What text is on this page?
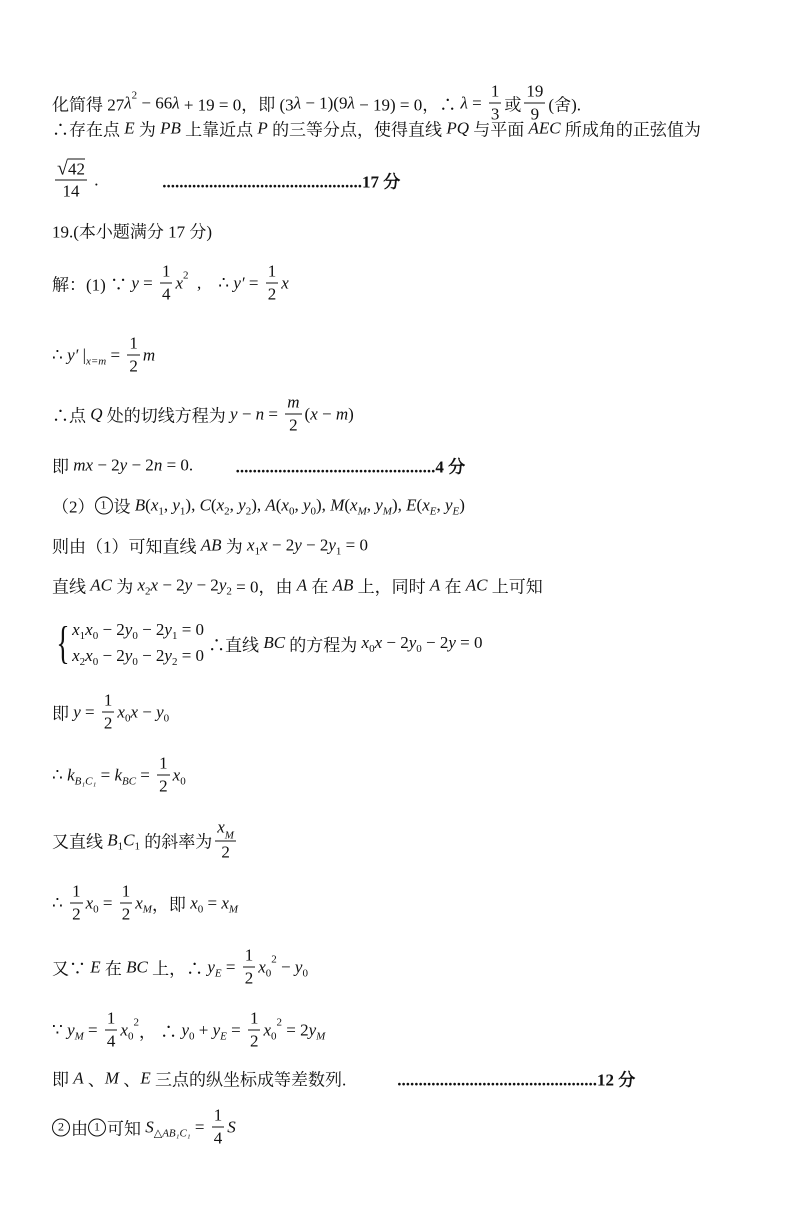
化简得 27 λ 2 − 66 λ + 19 = 0，即 (3 λ − 1)(9 λ − 19) = 0，∴ $\lambda = \frac{1}{3}$ 或 $\frac{19}{9}$ (舍).
∴存在点 E 为 PB 上靠近点 P 的三等分点，使得直线 PQ 与平面 AEC 所成角的正弦值为
$\frac{√ 42}{14}$ . ...............................................17 分
19.(本小题满分 17 分)
解：(1) ∵ $y = \frac{1}{4}$ x 2 ,    ∴ $y' = \frac{1}{2}$ x
∴ y′ | $x=m = \frac{1}{2}$ m
∴点 Q 处的切线方程为 $y - n = \frac{m}{2}$ ( x − m )
即 mx − 2 y − 2 n = 0. ...............................................4 分
（2） 1 设 B ( x 1 , y 1 ), C ( x 2 , y 2 ), A ( x 0 , y 0 ), M ( x M , y M ), E ( x E , y E )
则由（1）可知直线 AB 为 x 1 x − 2 y − 2 y 1 = 0
直线 AC 为 x 2 x − 2 y − 2 y 2 = 0，由 A 在 AB 上，同时 A 在 AC 上可知
{ x 1 x 0 − 2 y 0 − 2 y 1 = 0
x 2 x 0 − 2 y 0 − 2 y 2 = 0
∴直线 BC 的方程为 x 0 x − 2 y 0 − 2 y = 0
即 $y = \frac{1}{2}$ x 0 x − y 0
∴ k B₁C₁ = k BC = $\frac{1}{2}$ x 0
又直线 B 1 C 1 的斜率为 $\frac{x_M}{2}$
∴ $\frac{1}{2}$ x $0 = \frac{1}{2}$ x M ，即 x 0 = x M
又∵ E 在 BC 上，∴ y $E = \frac{1}{2}$ x 0
2 − y 0
∵ y $M = \frac{1}{4}$ x 0
2
， ∴ y 0 + y $E = \frac{1}{2}$ x 0
2 = 2 y M
即 A 、 M 、 E 三点的纵坐标成等差数列. ...............................................12 分
2 由 1 可知 S △AB₁C₁ = $\frac{1}{4}$ S
